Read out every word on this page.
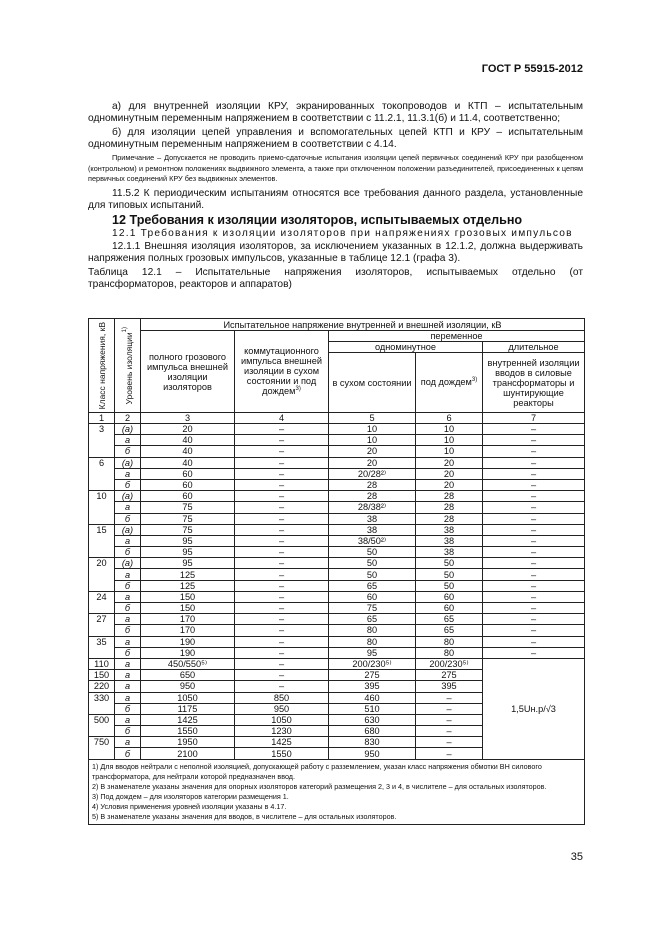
ГОСТ Р 55915-2012
а) для внутренней изоляции КРУ, экранированных токопроводов и КТП – испытательным одноминутным переменным напряжением в соответствии с 11.2.1, 11.3.1(б) и 11.4, соответственно;
б) для изоляции цепей управления и вспомогательных цепей КТП и КРУ – испытательным одноминутным переменным напряжением в соответствии с 4.14.
Примечание – Допускается не проводить приемо-сдаточные испытания изоляции цепей первичных соединений КРУ при разобщенном (контрольном) и ремонтном положениях выдвижного элемента, а также при отключенном положении разъединителей, присоединенных к цепям первичных соединений КРУ без выдвижных элементов.
11.5.2 К периодическим испытаниям относятся все требования данного раздела, установленные для типовых испытаний.
12 Требования к изоляции изоляторов, испытываемых отдельно
12.1 Требования к изоляции изоляторов при напряжениях грозовых импульсов
12.1.1 Внешняя изоляция изоляторов, за исключением указанных в 12.1.2, должна выдерживать напряжения полных грозовых импульсов, указанные в таблице 12.1 (графа 3).
Таблица 12.1 – Испытательные напряжения изоляторов, испытываемых отдельно (от трансформаторов, реакторов и аппаратов)
Класс напряжения, кВ	Уровень изоляции$^{1)}$	Испытательное напряжение внутренней и внешней изоляции, кВ				
		полного грозового импульса внешней изоляции изоляторов	коммутационного импульса внешней изоляции в сухом состоянии и под дождем$^{3)}$	переменное		
				одноминутное		длительное
				в сухом состоянии	под дождем$^{3)}$	внутренней изоляции вводов в силовые трансформаторы и шунтирующие реакторы
1	2	3	4	5	6	7
3	(а)	20	–	10	10	–
	а	40	–	10	10	–
	б	40	–	20	10	–
6	(а)	40	–	20	20	–
	а	60	–	20/28²⁾	20	–
	б	60	–	28	20	–
10	(а)	60	–	28	28	–
	а	75	–	28/38²⁾	28	–
	б	75	–	38	28	–
15	(а)	75	–	38	38	–
	а	95	–	38/50²⁾	38	–
	б	95	–	50	38	–
20	(а)	95	–	50	50	–
	а	125	–	50	50	–
	б	125	–	65	50	–
24	а	150	–	60	60	–
	б	150	–	75	60	–
27	а	170	–	65	65	–
	б	170	–	80	65	–
35	а	190	–	80	80	–
	б	190	–	95	80	–
110	а	450/550⁵⁾	–	200/230⁵⁾	200/230⁵⁾	1,5Uн.р/√3
150	а	650	–	275	275	
220	а	950	–	395	395	
330	а	1050	850	460	–	
	б	1175	950	510	–	
500	а	1425	1050	630	–	
	б	1550	1230	680	–	
750	а	1950	1425	830	–	
	б	2100	1550	950	–	

1) Для вводов нейтрали с неполной изоляцией, допускающей работу с разземлением, указан класс напряжения обмотки ВН силового трансформатора, для нейтрали которой предназначен ввод.
2) В знаменателе указаны значения для опорных изоляторов категорий размещения 2, 3 и 4, в числителе – для остальных изоляторов.
3) Под дождем – для изоляторов категории размещения 1.
4) Условия применения уровней изоляции указаны в 4.17.
5) В знаменателе указаны значения для вводов, в числителе – для остальных изоляторов.						
35
